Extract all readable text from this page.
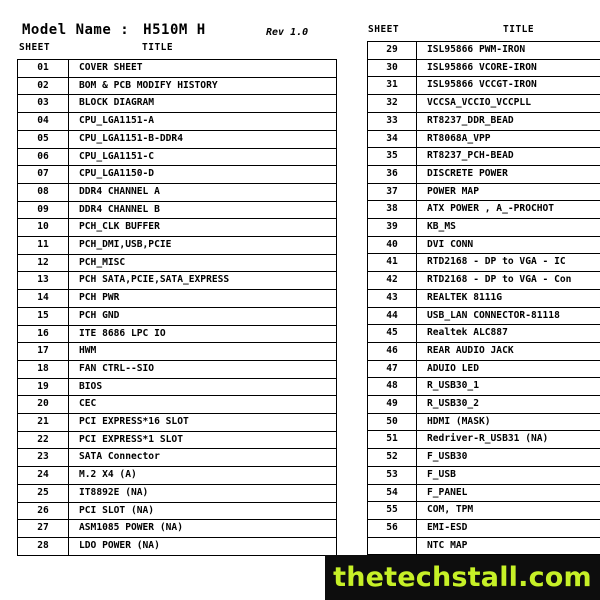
Model Name : H510M H	Rev 1.0
SHEET	TITLE
SHEET	TITLE
01	COVER SHEET
02	BOM & PCB MODIFY HISTORY
03	BLOCK DIAGRAM
04	CPU_LGA1151-A
05	CPU_LGA1151-B-DDR4
06	CPU_LGA1151-C
07	CPU_LGA1150-D
08	DDR4 CHANNEL A
09	DDR4 CHANNEL B
10	PCH_CLK BUFFER
11	PCH_DMI,USB,PCIE
12	PCH_MISC
13	PCH SATA,PCIE,SATA_EXPRESS
14	PCH PWR
15	PCH GND
16	ITE 8686 LPC IO
17	HWM
18	FAN CTRL--SIO
19	BIOS
20	CEC
21	PCI EXPRESS*16 SLOT
22	PCI EXPRESS*1 SLOT
23	SATA Connector
24	M.2 X4 (A)
25	IT8892E (NA)
26	PCI SLOT (NA)
27	ASM1085 POWER (NA)
28	LDO POWER (NA)
29	ISL95866 PWM-IRON
30	ISL95866 VCORE-IRON
31	ISL95866 VCCGT-IRON
32	VCCSA_VCCIO_VCCPLL
33	RT8237_DDR_BEAD
34	RT8068A_VPP
35	RT8237_PCH-BEAD
36	DISCRETE POWER
37	POWER MAP
38	ATX POWER , A_-PROCHOT
39	KB_MS
40	DVI CONN
41	RTD2168 - DP to VGA - IC
42	RTD2168 - DP to VGA - Con
43	REALTEK 8111G
44	USB_LAN CONNECTOR-81118
45	Realtek ALC887
46	REAR AUDIO JACK
47	ADUIO LED
48	R_USB30_1
49	R_USB30_2
50	HDMI (MASK)
51	Redriver-R_USB31 (NA)
52	F_USB30
53	F_USB
54	F_PANEL
55	COM, TPM
56	EMI-ESD
	NTC MAP
thetechstall.com
